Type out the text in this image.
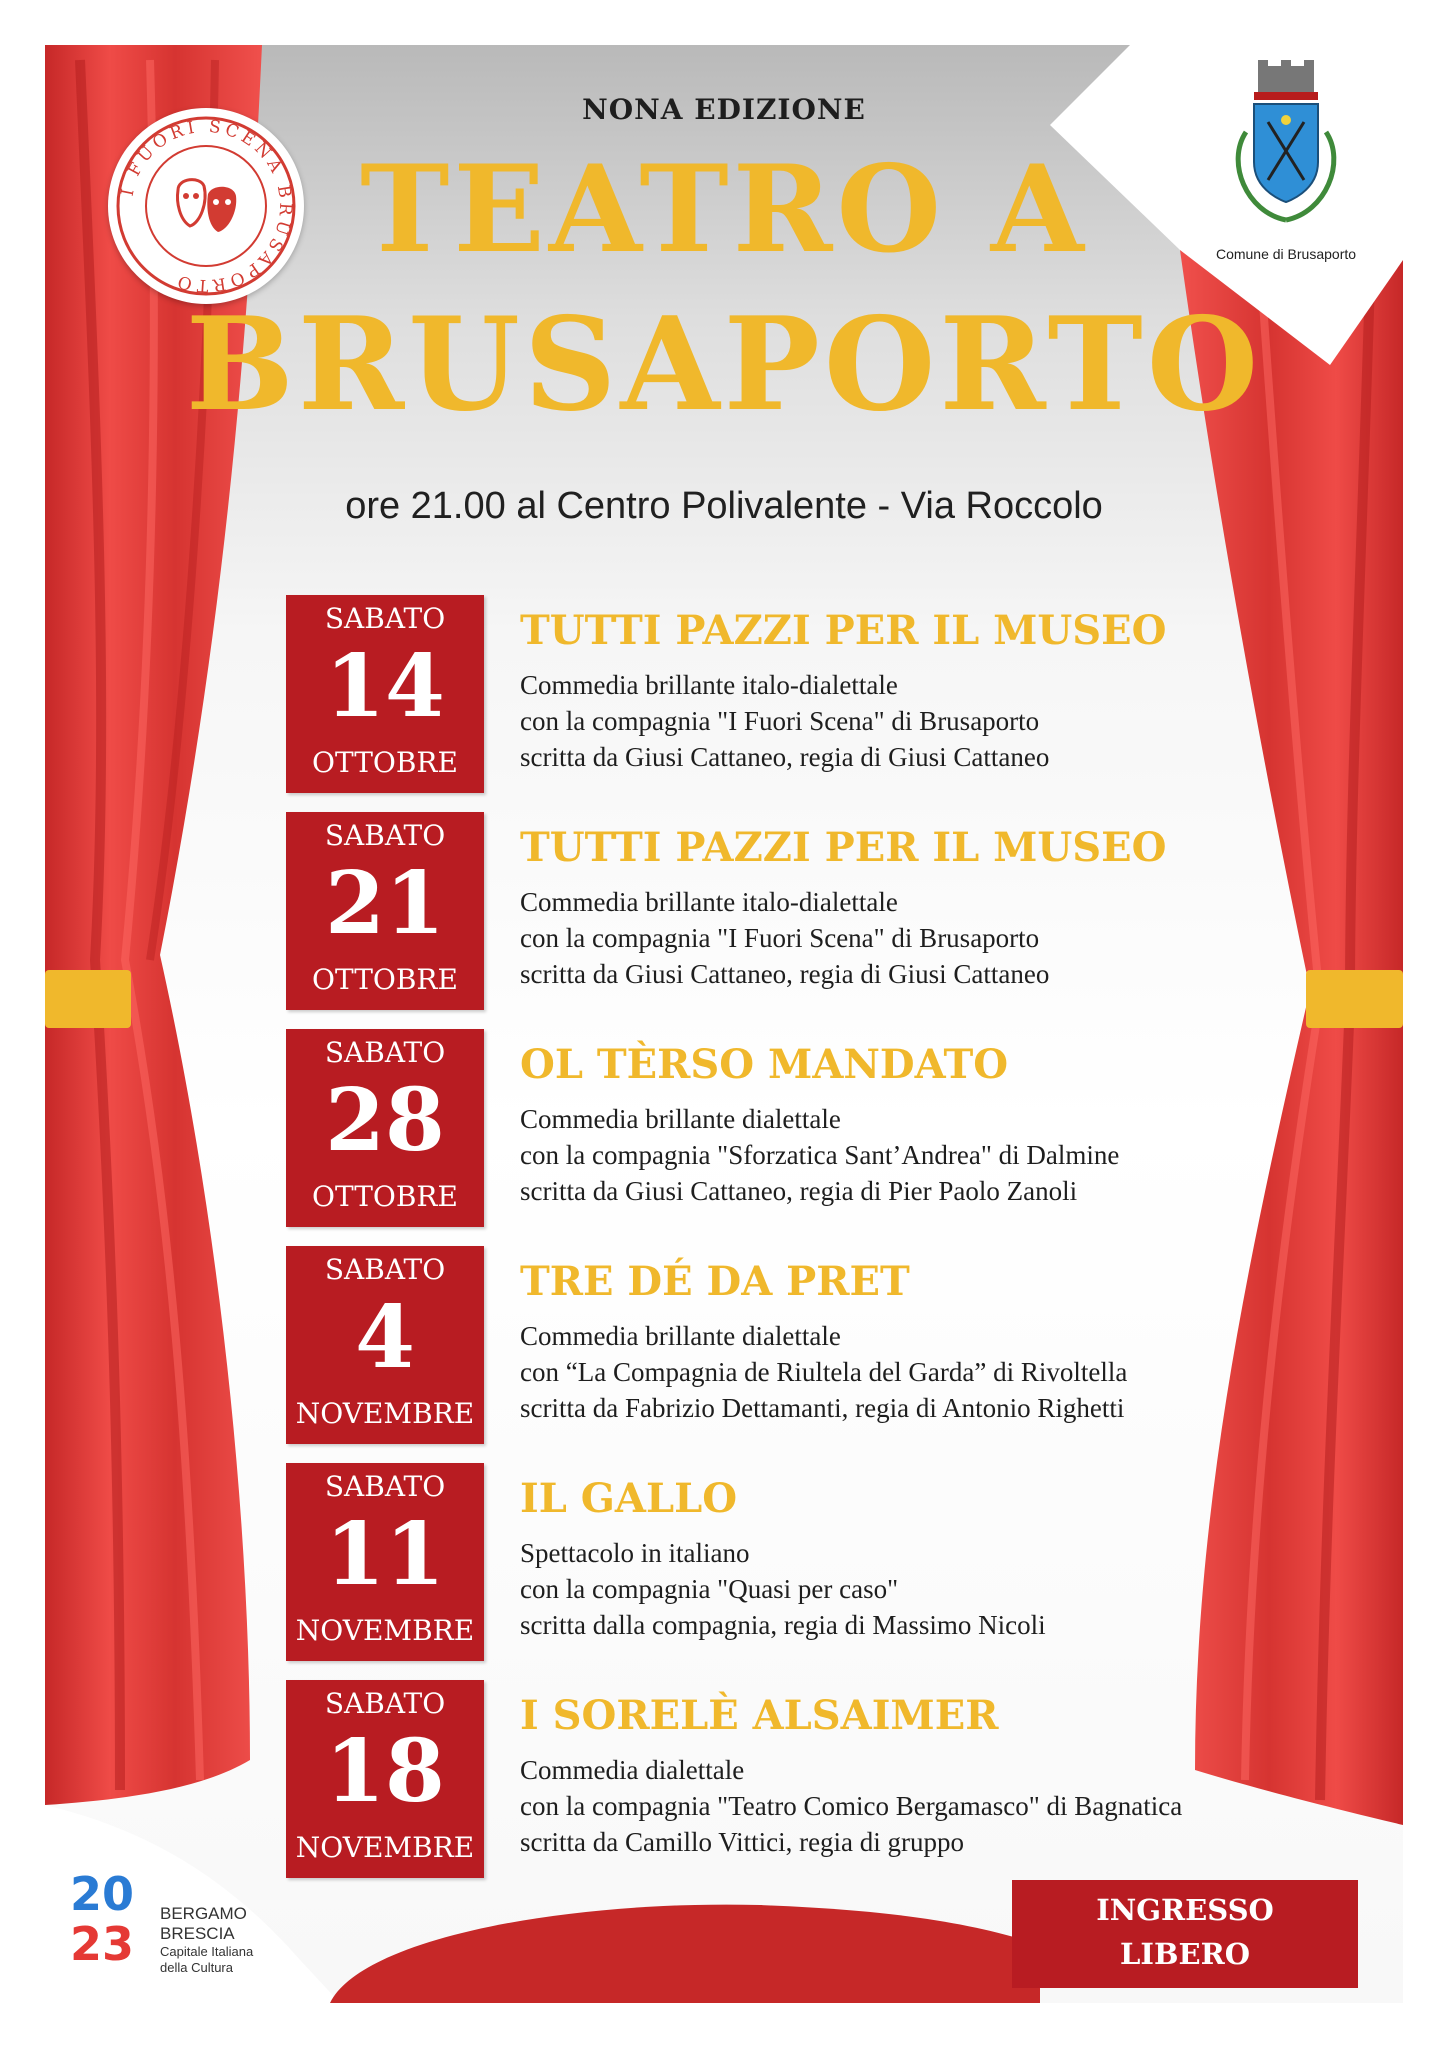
I FUORI SCENA BRUSAPORTO
Comune di Brusaporto
NONA EDIZIONE
TEATRO A
BRUSAPORTO
ore 21.00 al Centro Polivalente - Via Roccolo
SABATO
14
OTTOBRE
TUTTI PAZZI PER IL MUSEO
Commedia brillante italo-dialettale
con la compagnia "I Fuori Scena" di Brusaporto
scritta da Giusi Cattaneo, regia di Giusi Cattaneo
SABATO
21
OTTOBRE
TUTTI PAZZI PER IL MUSEO
Commedia brillante italo-dialettale
con la compagnia "I Fuori Scena" di Brusaporto
scritta da Giusi Cattaneo, regia di Giusi Cattaneo
SABATO
28
OTTOBRE
OL TÈRSO MANDATO
Commedia brillante dialettale
con la compagnia "Sforzatica Sant’Andrea" di Dalmine
scritta da Giusi Cattaneo, regia di Pier Paolo Zanoli
SABATO
4
NOVEMBRE
TRE DÉ DA PRET
Commedia brillante dialettale
con “La Compagnia de Riultela del Garda” di Rivoltella
scritta da Fabrizio Dettamanti, regia di Antonio Righetti
SABATO
11
NOVEMBRE
IL GALLO
Spettacolo in italiano
con la compagnia "Quasi per caso"
scritta dalla compagnia, regia di Massimo Nicoli
SABATO
18
NOVEMBRE
I SORELÈ ALSAIMER
Commedia dialettale
con la compagnia "Teatro Comico Bergamasco" di Bagnatica
scritta da Camillo Vittici, regia di gruppo
INGRESSO
LIBERO
20
23
BERGAMO
BRESCIA
Capitale Italiana
della Cultura
